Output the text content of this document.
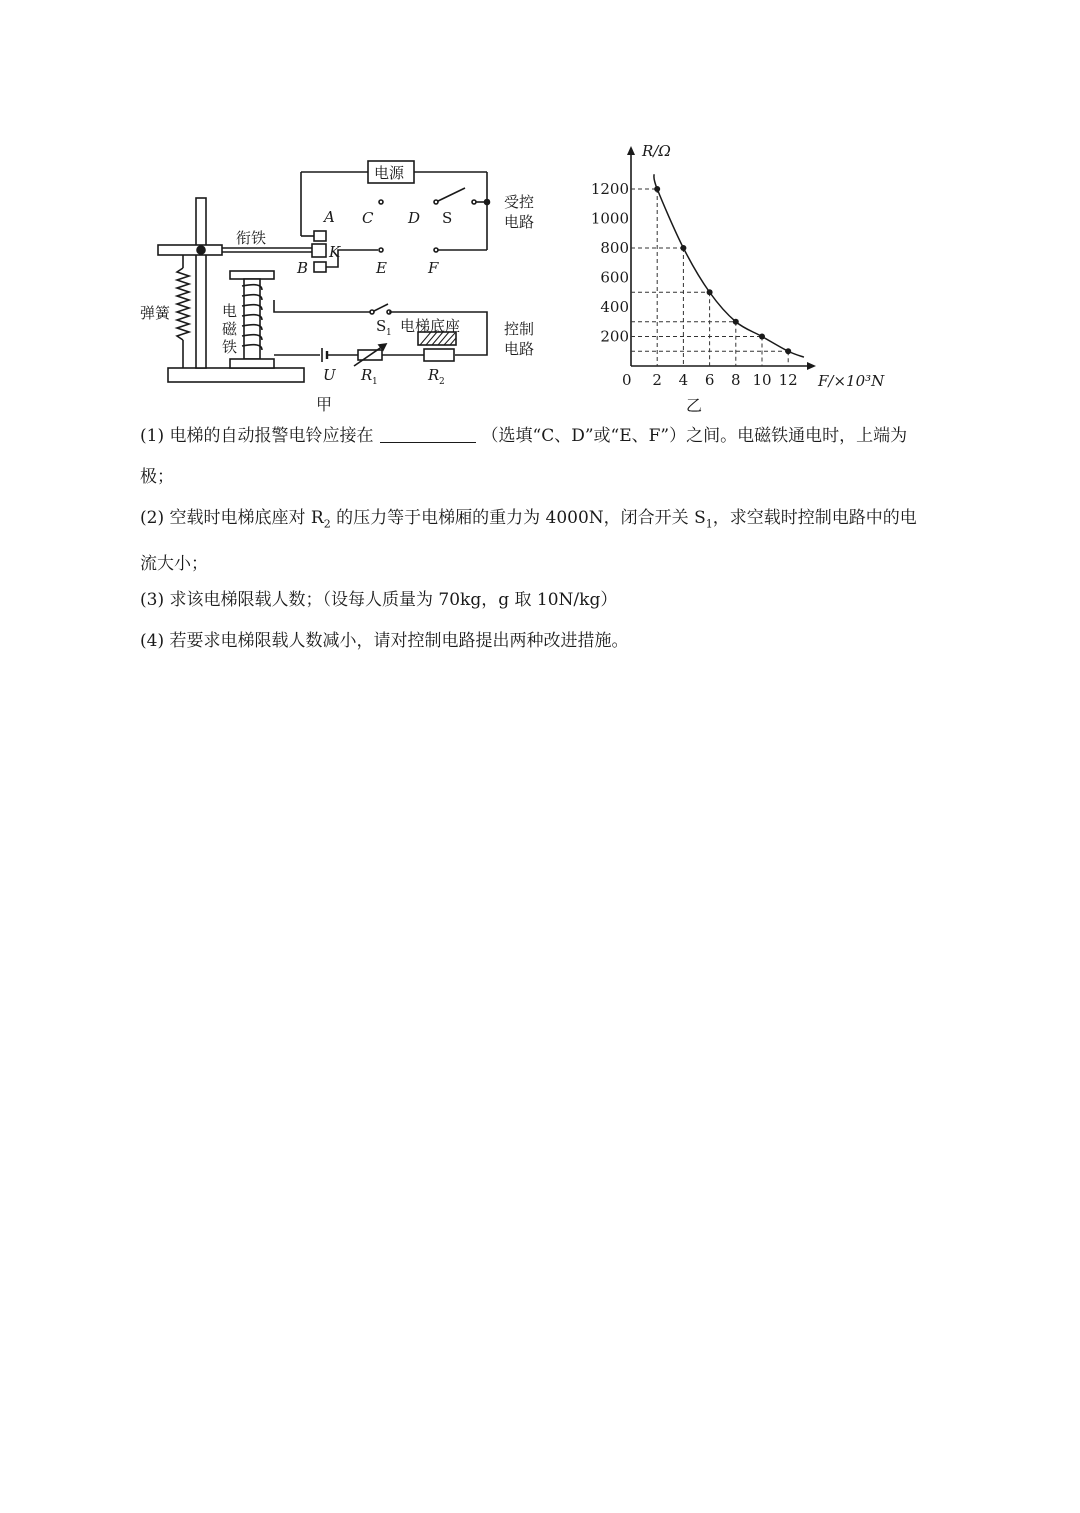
电源
衔铁
弹簧	电
磁
铁
受控
电路
控制
电路
电梯底座
A
B
C D
E	F
K
U R	R
S
S 1
1	2
甲
2 4 6 8 10 12
200
400
600
800
1000
1200
R/Ω
F/×10³N
0
乙

(1) 电梯的自动报警电铃应接在	（选填“C、D”或“E、F”）之间。电磁铁通电时，上端为

极；

(2) 空载时电梯底座对 $R_2$ 的压力等于电梯厢的重力为 4000N，闭合开关 $S_1$，求空载时控制电路中的电

流大小；

(3) 求该电梯限载人数；（设每人质量为 70kg，g 取 10N/kg）

(4) 若要求电梯限载人数减小，请对控制电路提出两种改进措施。
